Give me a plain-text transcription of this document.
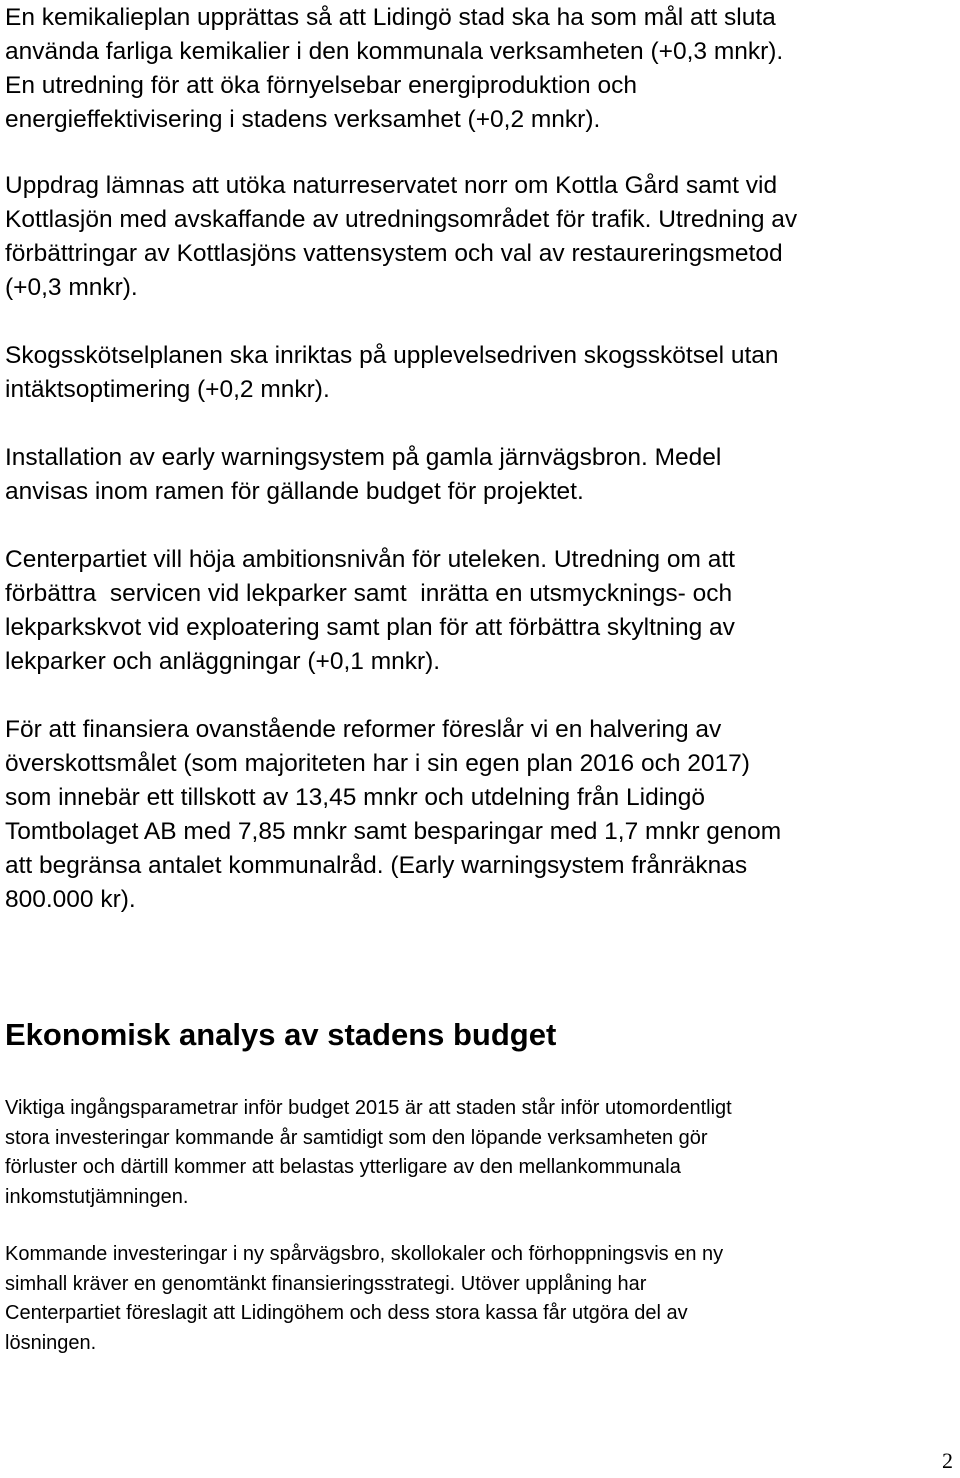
En kemikalieplan upprättas så att Lidingö stad ska ha som mål att sluta
använda farliga kemikalier i den kommunala verksamheten (+0,3 mnkr).
En utredning för att öka förnyelsebar energiproduktion och
energieffektivisering i stadens verksamhet (+0,2 mnkr).

Uppdrag lämnas att utöka naturreservatet norr om Kottla Gård samt vid
Kottlasjön med avskaffande av utredningsområdet för trafik. Utredning av
förbättringar av Kottlasjöns vattensystem och val av restaureringsmetod
(+0,3 mnkr).

Skogsskötselplanen ska inriktas på upplevelsedriven skogsskötsel utan
intäktsoptimering (+0,2 mnkr).

Installation av early warningsystem på gamla järnvägsbron. Medel
anvisas inom ramen för gällande budget för projektet.

Centerpartiet vill höja ambitionsnivån för uteleken. Utredning om att
förbättra  servicen vid lekparker samt  inrätta en utsmycknings- och
lekparkskvot vid exploatering samt plan för att förbättra skyltning av
lekparker och anläggningar (+0,1 mnkr).

För att finansiera ovanstående reformer föreslår vi en halvering av
överskottsmålet (som majoriteten har i sin egen plan 2016 och 2017)
som innebär ett tillskott av 13,45 mnkr och utdelning från Lidingö
Tomtbolaget AB med 7,85 mnkr samt besparingar med 1,7 mnkr genom
att begränsa antalet kommunalråd. (Early warningsystem frånräknas
800.000 kr).

Ekonomisk analys av stadens budget

Viktiga ingångsparametrar inför budget 2015 är att staden står inför utomordentligt
stora investeringar kommande år samtidigt som den löpande verksamheten gör
förluster och därtill kommer att belastas ytterligare av den mellankommunala
inkomstutjämningen.

Kommande investeringar i ny spårvägsbro, skollokaler och förhoppningsvis en ny
simhall kräver en genomtänkt finansieringsstrategi. Utöver upplåning har
Centerpartiet föreslagit att Lidingöhem och dess stora kassa får utgöra del av
lösningen.

2
